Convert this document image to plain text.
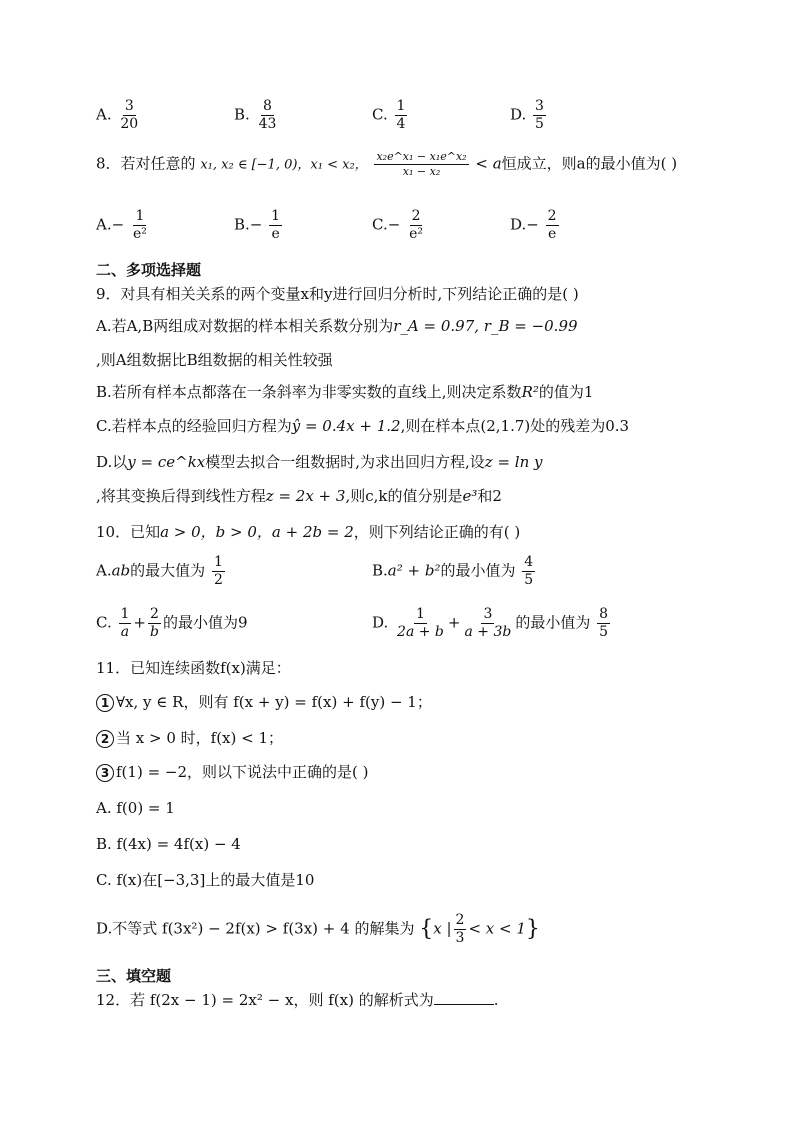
A. $\frac{3}{20}$	B. $\frac{8}{43}$	C. $\frac{1}{4}$	D. $\frac{3}{5}$
8．若对任意的 x₁, x₂ ∈ [−1, 0)，x₁ < x₂， $\frac{\text{x₂e\textasciicircum{}x₁ − x₁e\textasciicircum{}x₂}}{\text{x₁ − x₂}} < a$恒成立，则a的最小值为( )
$A.- \frac{1}{\text{e²}}$	$B.- \frac{1}{e}$	$C.- \frac{2}{\text{e²}}$	$D.- \frac{2}{e}$
二、多项选择题
9．对具有相关关系的两个变量x和y进行回归分析时,下列结论正确的是( )
A.若A,B两组成对数据的样本相关系数分别为r_A = 0.97, r_B = −0.99
,则A组数据比B组数据的相关性较强
B.若所有样本点都落在一条斜率为非零实数的直线上,则决定系数R²的值为1
C.若样本点的经验回归方程为ŷ = 0.4x + 1.2,则在样本点(2,1.7)处的残差为0.3
D.以y = ce^kx模型去拟合一组数据时,为求出回归方程,设z = ln y
,将其变换后得到线性方程z = 2x + 3,则c,k的值分别是e³和2
10．已知a > 0，b > 0，a + 2b = 2，则下列结论正确的有( )
A.ab的最大值为 $\frac{1}{2}$	B.a² + b²的最小值为 $\frac{4}{5}$
C. $\frac{1}{a} + \frac{2}{b}$ 的最小值为9	D. $\frac{1}{2a + b} + \frac{3}{a + 3b}$ 的最小值为 $\frac{8}{5}$
11．已知连续函数f(x)满足：
1 ∀x, y ∈ R，则有 f(x + y) = f(x) + f(y) − 1；
2 当 x > 0 时，f(x) < 1；
3 f(1) = −2，则以下说法中正确的是( )
A. f(0) = 1
B. f(4x) = 4f(x) − 4
C. f(x)在[−3,3]上的最大值是10
D.不等式 f(3x²) − 2f(x) > f(3x) + 4 的解集为 {x | $\frac{2}{3} < x < 1$}
三、填空题
12．若 f(2x − 1) = 2x² − x，则 f(x) 的解析式为	.
